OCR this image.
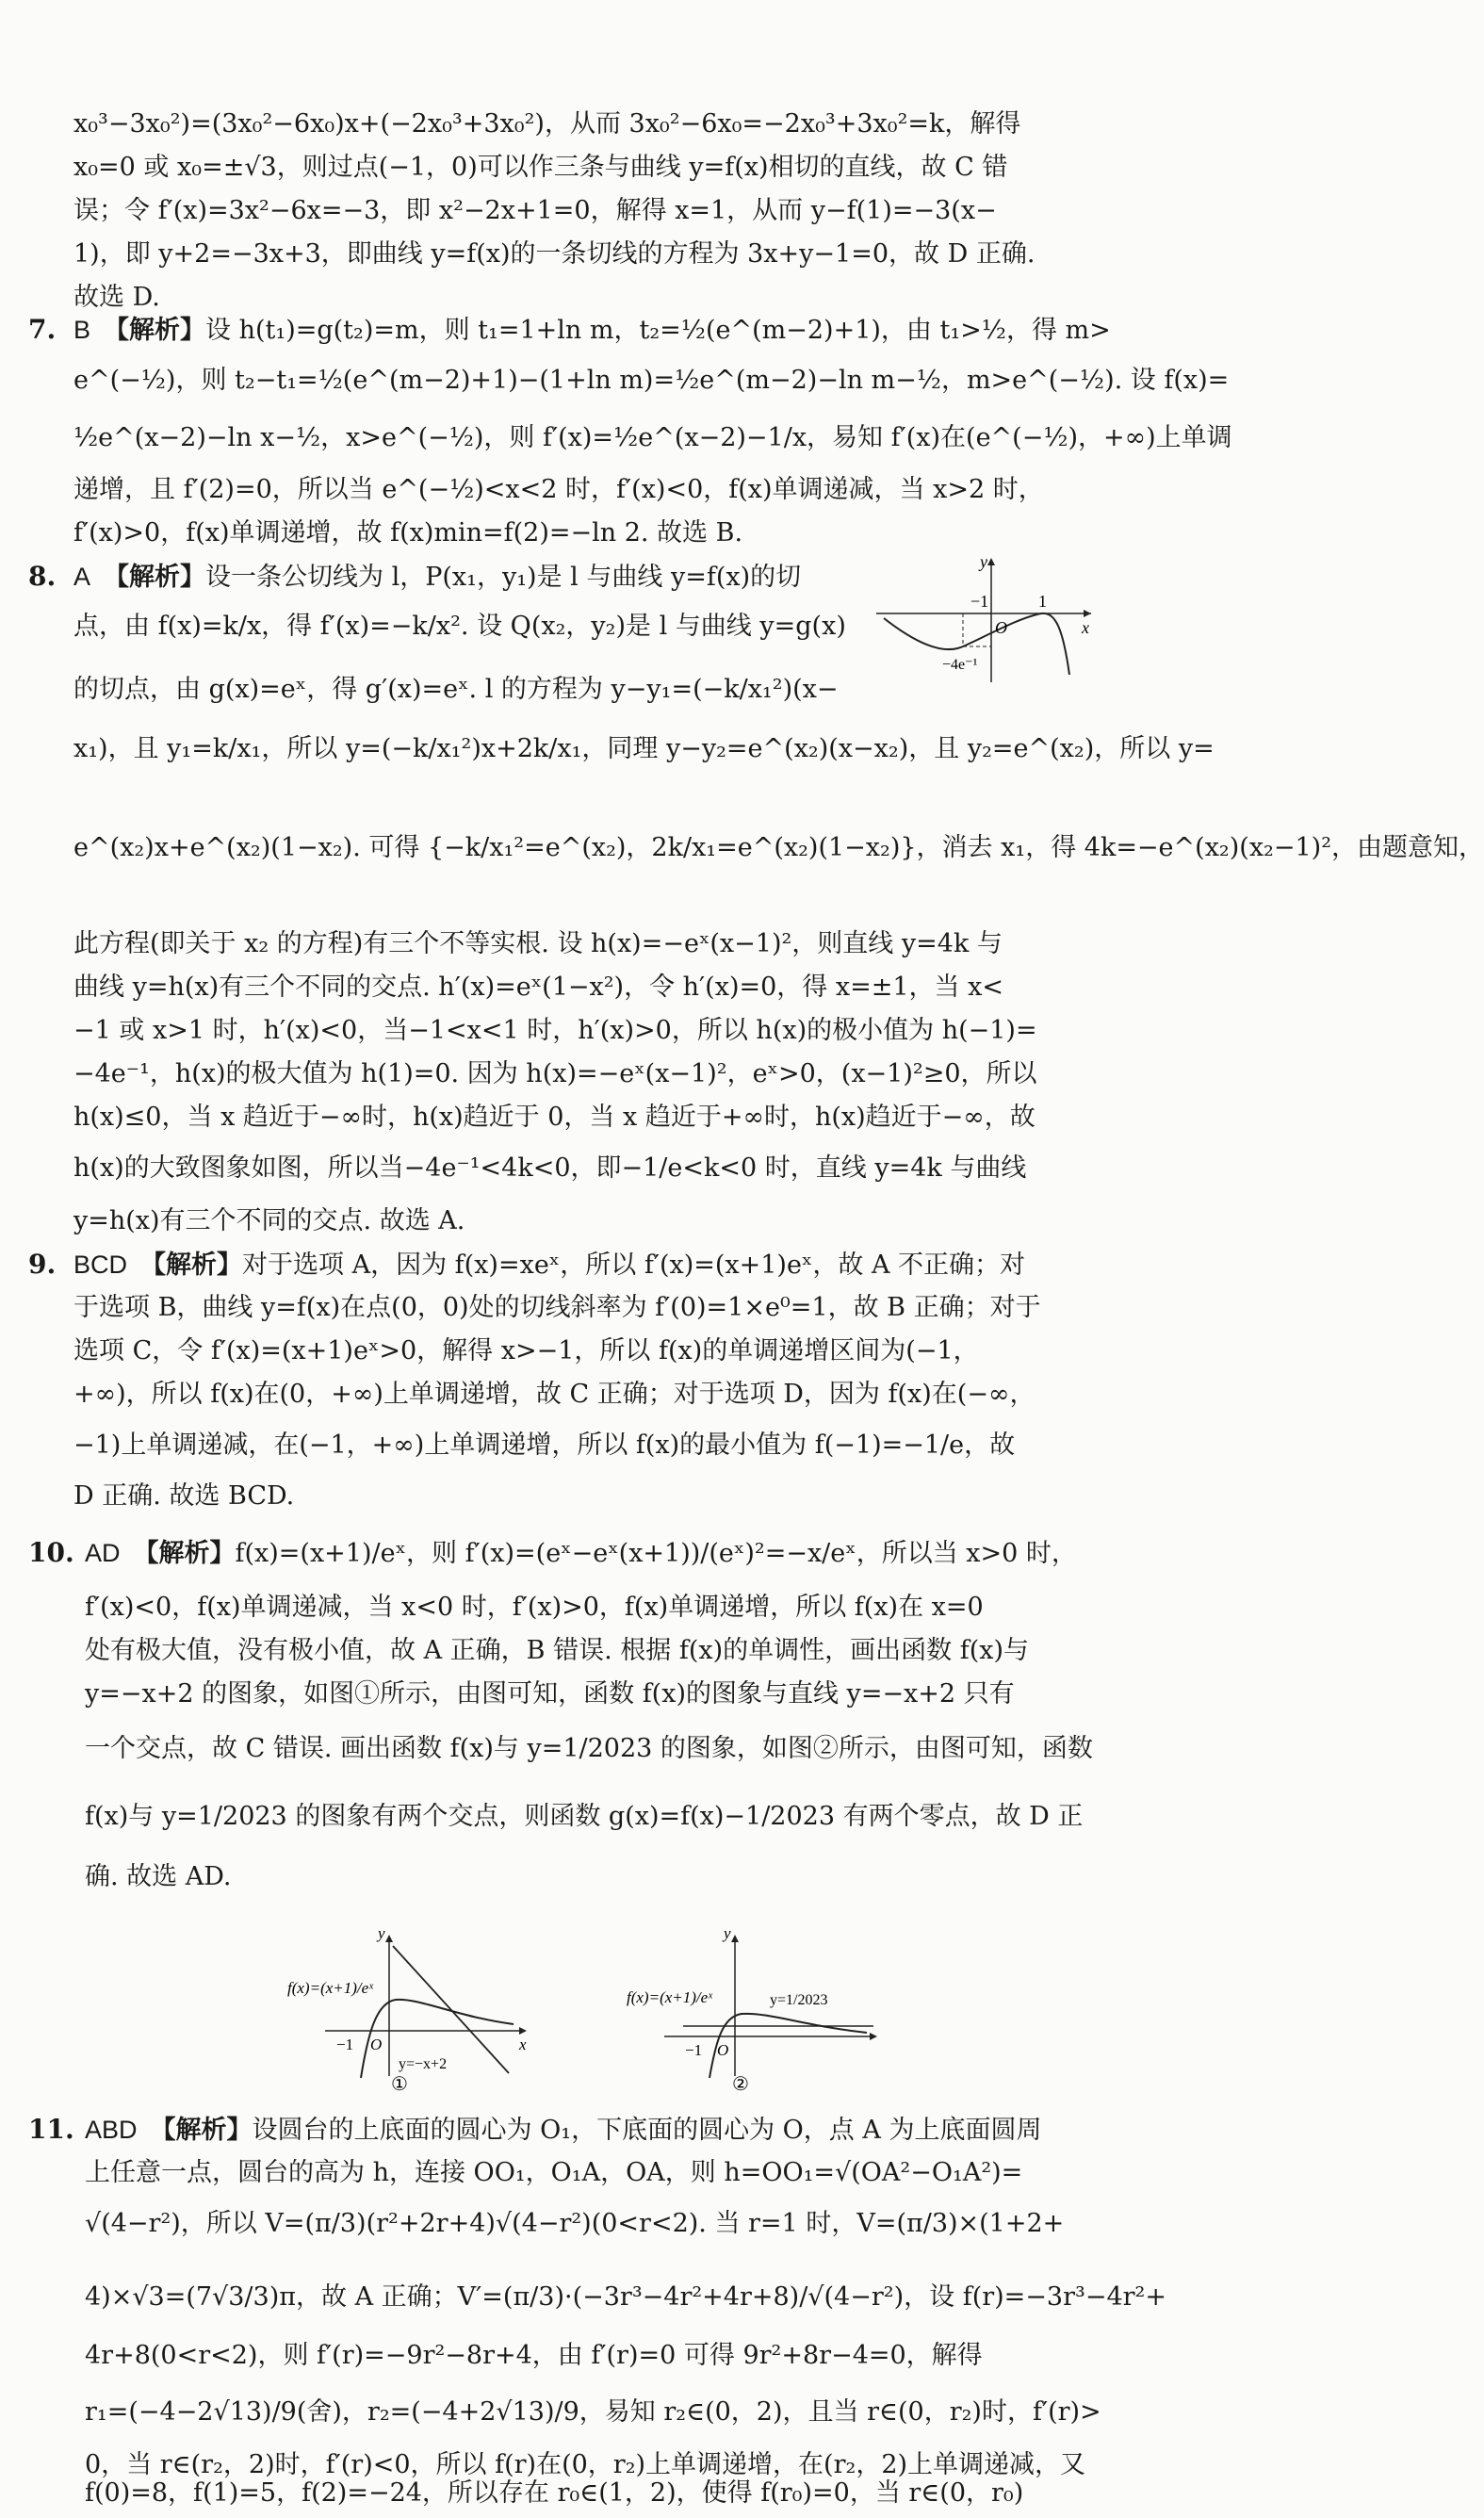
x₀³−3x₀²)=(3x₀²−6x₀)x+(−2x₀³+3x₀²)，从而 3x₀²−6x₀=−2x₀³+3x₀²=k，解得
x₀=0 或 x₀=±√3，则过点(−1，0)可以作三条与曲线 y=f(x)相切的直线，故 C 错
误；令 f′(x)=3x²−6x=−3，即 x²−2x+1=0，解得 x=1，从而 y−f(1)=−3(x−
1)，即 y+2=−3x+3，即曲线 y=f(x)的一条切线的方程为 3x+y−1=0，故 D 正确.
故选 D.
7. B 【解析】设 h(t₁)=g(t₂)=m，则 t₁=1+ln m，t₂=½(e^(m−2)+1)，由 t₁>½，得 m>
e^(−½)，则 t₂−t₁=½(e^(m−2)+1)−(1+ln m)=½e^(m−2)−ln m−½，m>e^(−½). 设 f(x)=
½e^(x−2)−ln x−½，x>e^(−½)，则 f′(x)=½e^(x−2)−1/x，易知 f′(x)在(e^(−½)，+∞)上单调
递增，且 f′(2)=0，所以当 e^(−½)<x<2 时，f′(x)<0，f(x)单调递减，当 x>2 时，
f′(x)>0，f(x)单调递增，故 f(x)min=f(2)=−ln 2. 故选 B.
8. A 【解析】设一条公切线为 l，P(x₁，y₁)是 l 与曲线 y=f(x)的切
点，由 f(x)=k/x，得 f′(x)=−k/x². 设 Q(x₂，y₂)是 l 与曲线 y=g(x)
的切点，由 g(x)=eˣ，得 g′(x)=eˣ. l 的方程为 y−y₁=(−k/x₁²)(x−
y
x
−1	1
O
−4e⁻¹
x₁)，且 y₁=k/x₁，所以 y=(−k/x₁²)x+2k/x₁，同理 y−y₂=e^(x₂)(x−x₂)，且 y₂=e^(x₂)，所以 y=
e^(x₂)x+e^(x₂)(1−x₂). 可得 {−k/x₁²=e^(x₂)，2k/x₁=e^(x₂)(1−x₂)}，消去 x₁，得 4k=−e^(x₂)(x₂−1)²，由题意知，
此方程(即关于 x₂ 的方程)有三个不等实根. 设 h(x)=−eˣ(x−1)²，则直线 y=4k 与
曲线 y=h(x)有三个不同的交点. h′(x)=eˣ(1−x²)，令 h′(x)=0，得 x=±1，当 x<
−1 或 x>1 时，h′(x)<0，当−1<x<1 时，h′(x)>0，所以 h(x)的极小值为 h(−1)=
−4e⁻¹，h(x)的极大值为 h(1)=0. 因为 h(x)=−eˣ(x−1)²，eˣ>0，(x−1)²≥0，所以
h(x)≤0，当 x 趋近于−∞时，h(x)趋近于 0，当 x 趋近于+∞时，h(x)趋近于−∞，故
h(x)的大致图象如图，所以当−4e⁻¹<4k<0，即−1/e<k<0 时，直线 y=4k 与曲线
y=h(x)有三个不同的交点. 故选 A.
9. BCD 【解析】对于选项 A，因为 f(x)=xeˣ，所以 f′(x)=(x+1)eˣ，故 A 不正确；对
于选项 B，曲线 y=f(x)在点(0，0)处的切线斜率为 f′(0)=1×e⁰=1，故 B 正确；对于
选项 C，令 f′(x)=(x+1)eˣ>0，解得 x>−1，所以 f(x)的单调递增区间为(−1，
+∞)，所以 f(x)在(0，+∞)上单调递增，故 C 正确；对于选项 D，因为 f(x)在(−∞，
−1)上单调递减，在(−1，+∞)上单调递增，所以 f(x)的最小值为 f(−1)=−1/e，故
D 正确. 故选 BCD.
10. AD 【解析】f(x)=(x+1)/eˣ，则 f′(x)=(eˣ−eˣ(x+1))/(eˣ)²=−x/eˣ，所以当 x>0 时，
f′(x)<0，f(x)单调递减，当 x<0 时，f′(x)>0，f(x)单调递增，所以 f(x)在 x=0
处有极大值，没有极小值，故 A 正确，B 错误. 根据 f(x)的单调性，画出函数 f(x)与
y=−x+2 的图象，如图①所示，由图可知，函数 f(x)的图象与直线 y=−x+2 只有
一个交点，故 C 错误. 画出函数 f(x)与 y=1/2023 的图象，如图②所示，由图可知，函数
f(x)与 y=1/2023 的图象有两个交点，则函数 g(x)=f(x)−1/2023 有两个零点，故 D 正
确. 故选 AD.
f(x)=(x+1)/eˣ
y
x
−1 O
y=−x+2
①
f(x)=(x+1)/eˣ	y=1/2023
y
−1 O
②
11. ABD 【解析】设圆台的上底面的圆心为 O₁，下底面的圆心为 O，点 A 为上底面圆周
上任意一点，圆台的高为 h，连接 OO₁，O₁A，OA，则 h=OO₁=√(OA²−O₁A²)=
√(4−r²)，所以 V=(π/3)(r²+2r+4)√(4−r²)(0<r<2). 当 r=1 时，V=(π/3)×(1+2+
4)×√3=(7√3/3)π，故 A 正确；V′=(π/3)·(−3r³−4r²+4r+8)/√(4−r²)，设 f(r)=−3r³−4r²+
4r+8(0<r<2)，则 f′(r)=−9r²−8r+4，由 f′(r)=0 可得 9r²+8r−4=0，解得
r₁=(−4−2√13)/9(舍)，r₂=(−4+2√13)/9，易知 r₂∈(0，2)，且当 r∈(0，r₂)时，f′(r)>
0，当 r∈(r₂，2)时，f′(r)<0，所以 f(r)在(0，r₂)上单调递增，在(r₂，2)上单调递减，又
f(0)=8，f(1)=5，f(2)=−24，所以存在 r₀∈(1，2)，使得 f(r₀)=0，当 r∈(0，r₀)
